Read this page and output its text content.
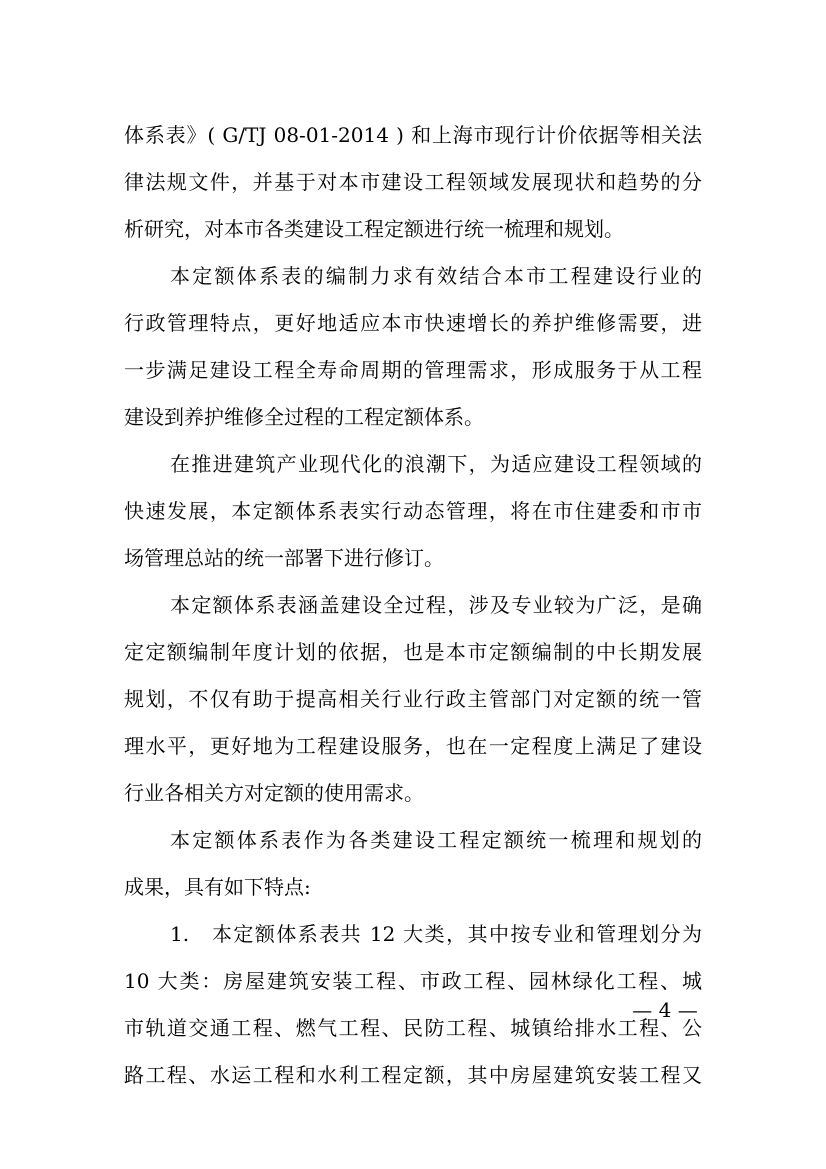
体系表》( G/TJ 08-01-2014 ) 和上海市现行计价依据等相关法
律法规文件，并基于对本市建设工程领域发展现状和趋势的分
析研究，对本市各类建设工程定额进行统一梳理和规划。
本定额体系表的编制力求有效结合本市工程建设行业的
行政管理特点，更好地适应本市快速增长的养护维修需要，进
一步满足建设工程全寿命周期的管理需求，形成服务于从工程
建设到养护维修全过程的工程定额体系。
在推进建筑产业现代化的浪潮下，为适应建设工程领域的
快速发展，本定额体系表实行动态管理，将在市住建委和市市
场管理总站的统一部署下进行修订。
本定额体系表涵盖建设全过程，涉及专业较为广泛，是确
定定额编制年度计划的依据，也是本市定额编制的中长期发展
规划，不仅有助于提高相关行业行政主管部门对定额的统一管
理水平，更好地为工程建设服务，也在一定程度上满足了建设
行业各相关方对定额的使用需求。
本定额体系表作为各类建设工程定额统一梳理和规划的
成果，具有如下特点:
1.　本定额体系表共 12 大类，其中按专业和管理划分为
10 大类：房屋建筑安装工程、市政工程、园林绿化工程、城
市轨道交通工程、燃气工程、民防工程、城镇给排水工程、公
路工程、水运工程和水利工程定额，其中房屋建筑安装工程又
— 4 —
